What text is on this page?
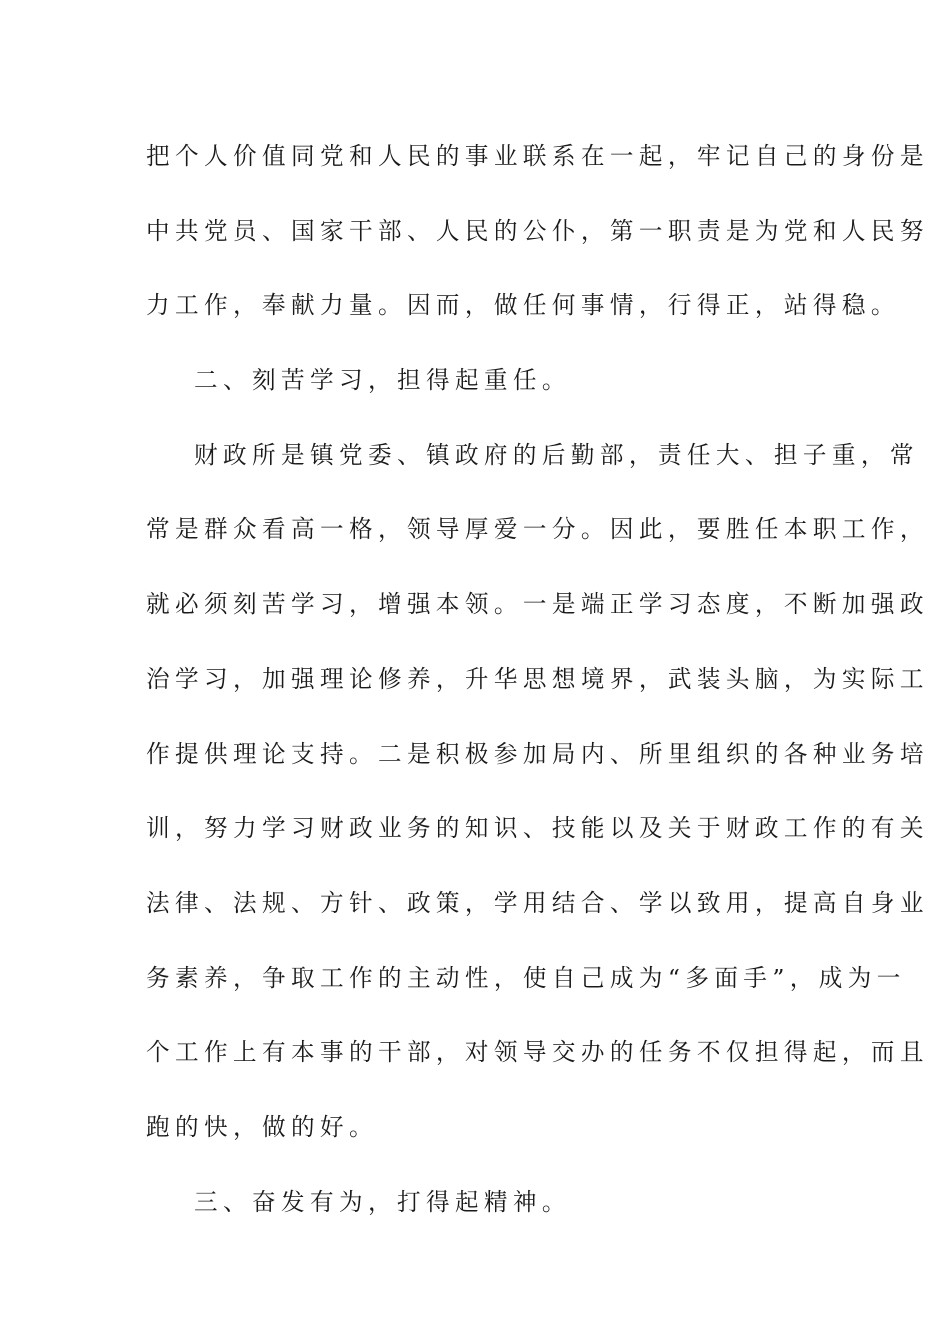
把个人价值同党和人民的事业联系在一起，牢记自己的身份是
中共党员、国家干部、人民的公仆，第一职责是为党和人民努
力工作，奉献力量。因而，做任何事情，行得正，站得稳。
二、刻苦学习，担得起重任。
财政所是镇党委、镇政府的后勤部，责任大、担子重，常
常是群众看高一格，领导厚爱一分。因此，要胜任本职工作，
就必须刻苦学习，增强本领。一是端正学习态度，不断加强政
治学习，加强理论修养，升华思想境界，武装头脑，为实际工
作提供理论支持。二是积极参加局内、所里组织的各种业务培
训，努力学习财政业务的知识、技能以及关于财政工作的有关
法律、法规、方针、政策，学用结合、学以致用，提高自身业
务素养，争取工作的主动性，使自己成为“多面手”，成为一
个工作上有本事的干部，对领导交办的任务不仅担得起，而且
跑的快，做的好。
三、奋发有为，打得起精神。
